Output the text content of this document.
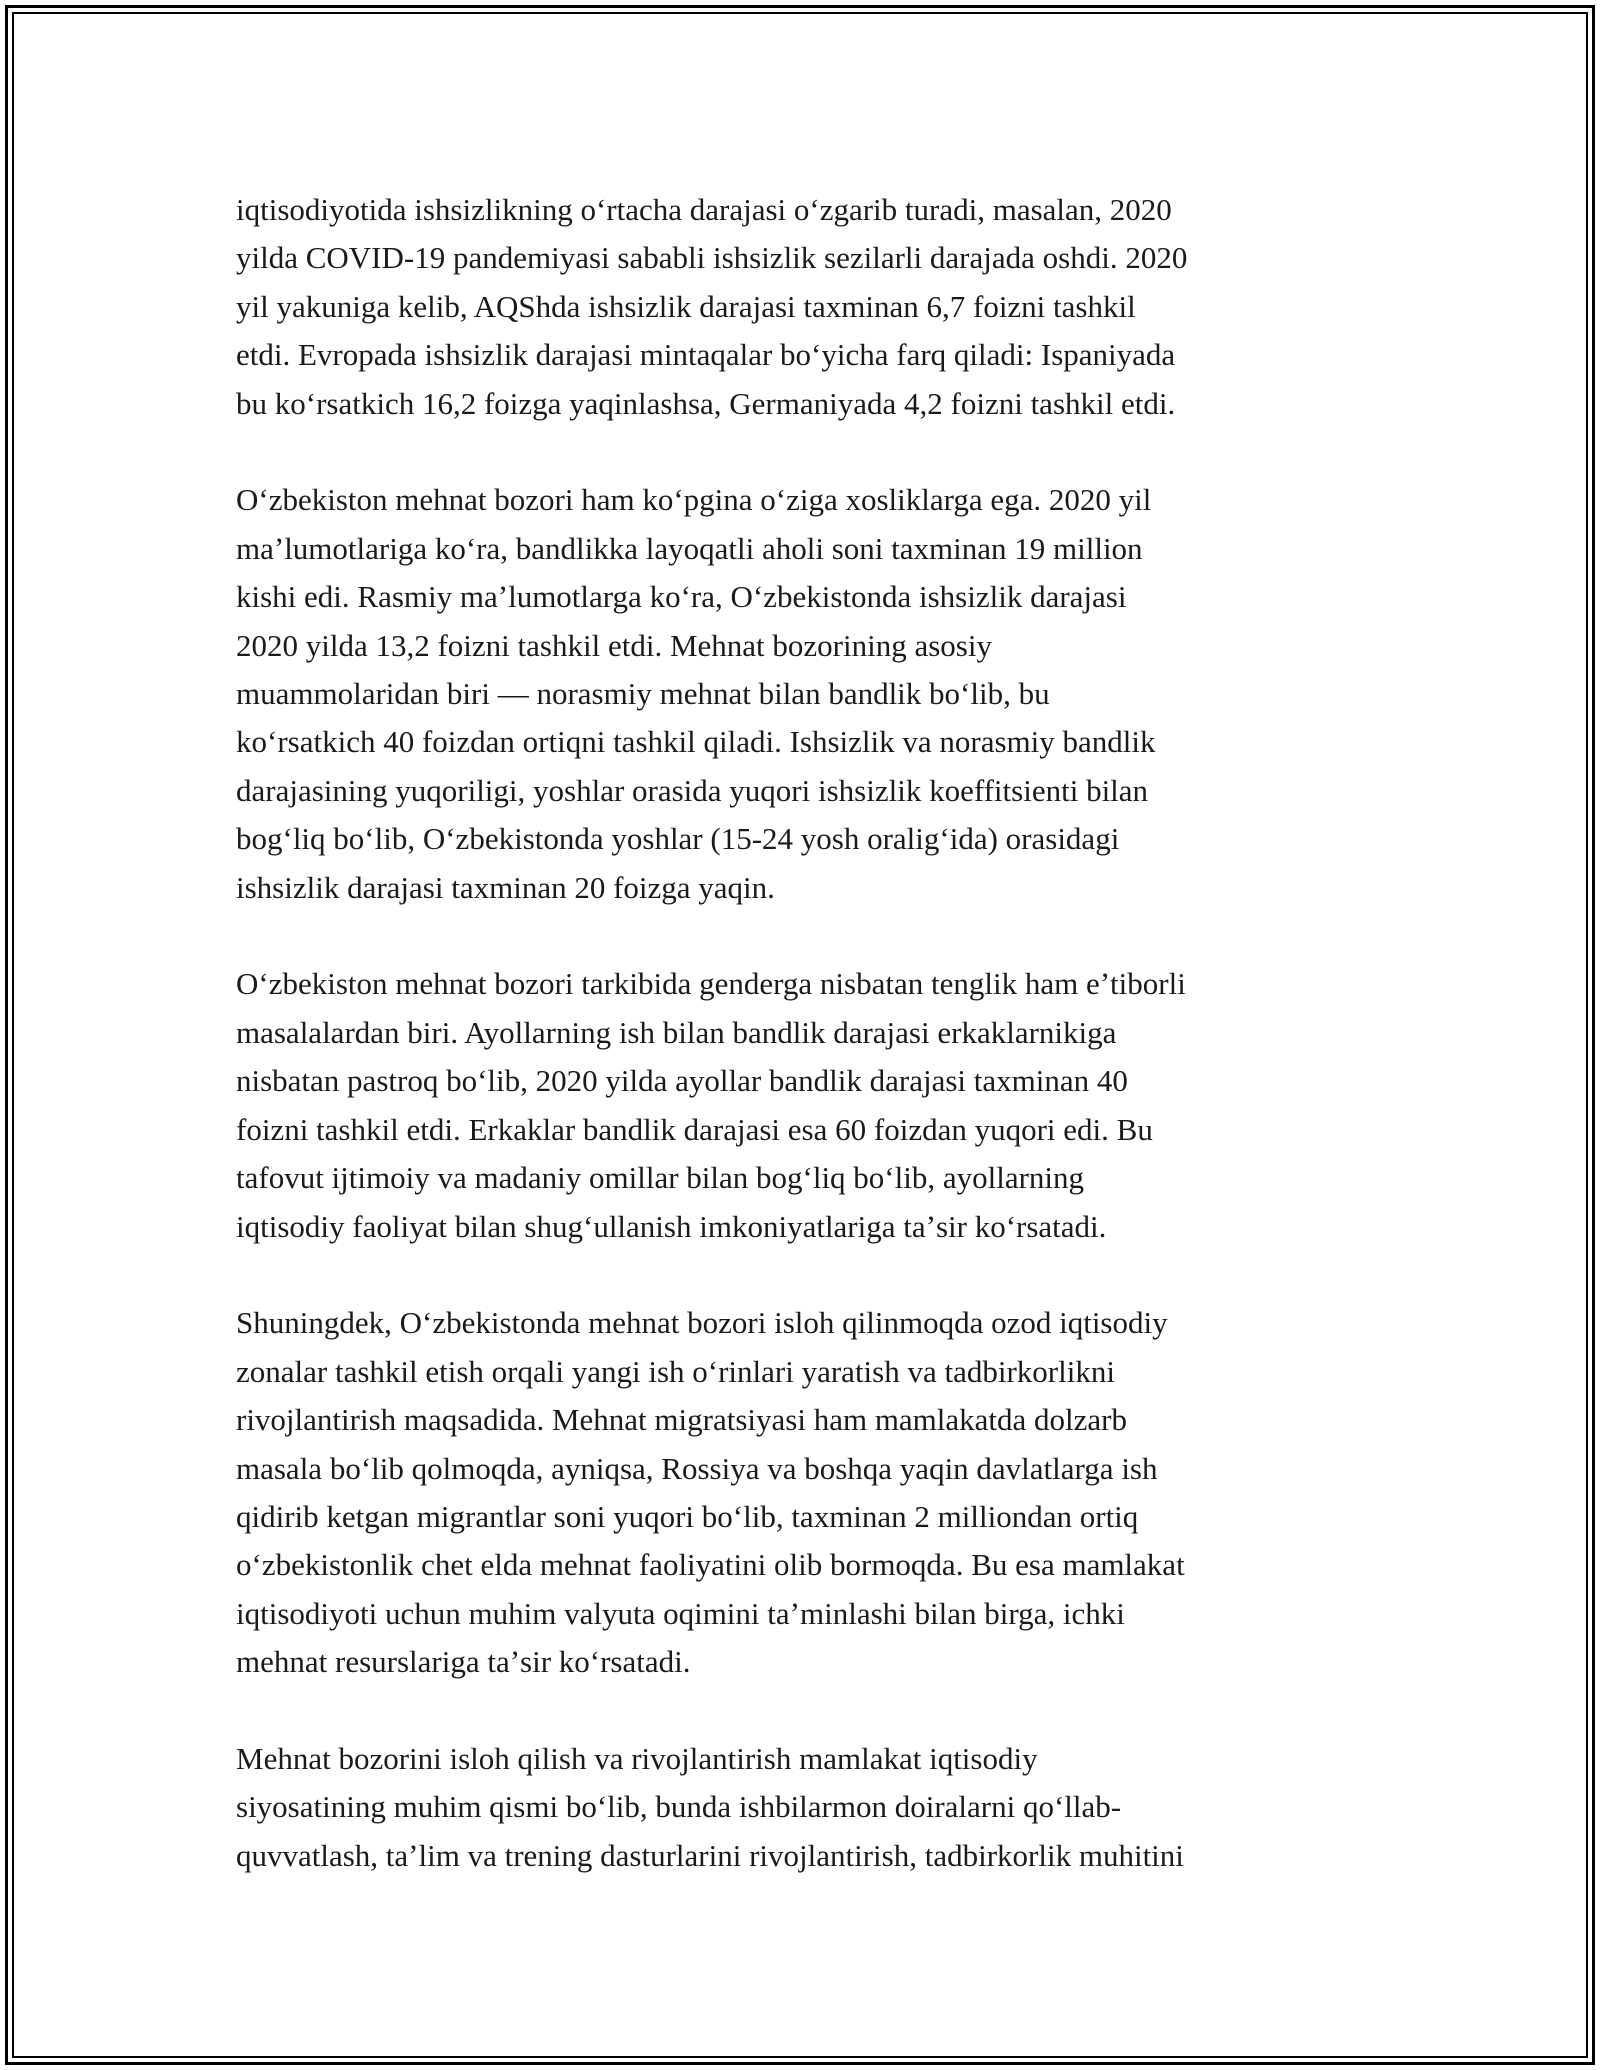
iqtisodiyotida ishsizlikning oʻrtacha darajasi oʻzgarib turadi, masalan, 2020
yilda COVID-19 pandemiyasi sababli ishsizlik sezilarli darajada oshdi. 2020
yil yakuniga kelib, AQShda ishsizlik darajasi taxminan 6,7 foizni tashkil
etdi. Evropada ishsizlik darajasi mintaqalar boʻyicha farq qiladi: Ispaniyada
bu koʻrsatkich 16,2 foizga yaqinlashsa, Germaniyada 4,2 foizni tashkil etdi.
Oʻzbekiston mehnat bozori ham koʻpgina oʻziga xosliklarga ega. 2020 yil
maʼlumotlariga koʻra, bandlikka layoqatli aholi soni taxminan 19 million
kishi edi. Rasmiy maʼlumotlarga koʻra, Oʻzbekistonda ishsizlik darajasi
2020 yilda 13,2 foizni tashkil etdi. Mehnat bozorining asosiy
muammolaridan biri — norasmiy mehnat bilan bandlik boʻlib, bu
koʻrsatkich 40 foizdan ortiqni tashkil qiladi. Ishsizlik va norasmiy bandlik
darajasining yuqoriligi, yoshlar orasida yuqori ishsizlik koeffitsienti bilan
bogʻliq boʻlib, Oʻzbekistonda yoshlar (15-24 yosh oraligʻida) orasidagi
ishsizlik darajasi taxminan 20 foizga yaqin.
Oʻzbekiston mehnat bozori tarkibida genderga nisbatan tenglik ham eʼtiborli
masalalardan biri. Ayollarning ish bilan bandlik darajasi erkaklarnikiga
nisbatan pastroq boʻlib, 2020 yilda ayollar bandlik darajasi taxminan 40
foizni tashkil etdi. Erkaklar bandlik darajasi esa 60 foizdan yuqori edi. Bu
tafovut ijtimoiy va madaniy omillar bilan bogʻliq boʻlib, ayollarning
iqtisodiy faoliyat bilan shugʻullanish imkoniyatlariga taʼsir koʻrsatadi.
Shuningdek, Oʻzbekistonda mehnat bozori isloh qilinmoqda ozod iqtisodiy
zonalar tashkil etish orqali yangi ish oʻrinlari yaratish va tadbirkorlikni
rivojlantirish maqsadida. Mehnat migratsiyasi ham mamlakatda dolzarb
masala boʻlib qolmoqda, ayniqsa, Rossiya va boshqa yaqin davlatlarga ish
qidirib ketgan migrantlar soni yuqori boʻlib, taxminan 2 milliondan ortiq
oʻzbekistonlik chet elda mehnat faoliyatini olib bormoqda. Bu esa mamlakat
iqtisodiyoti uchun muhim valyuta oqimini taʼminlashi bilan birga, ichki
mehnat resurslariga taʼsir koʻrsatadi.
Mehnat bozorini isloh qilish va rivojlantirish mamlakat iqtisodiy
siyosatining muhim qismi boʻlib, bunda ishbilarmon doiralarni qoʻllab-
quvvatlash, taʼlim va trening dasturlarini rivojlantirish, tadbirkorlik muhitini
